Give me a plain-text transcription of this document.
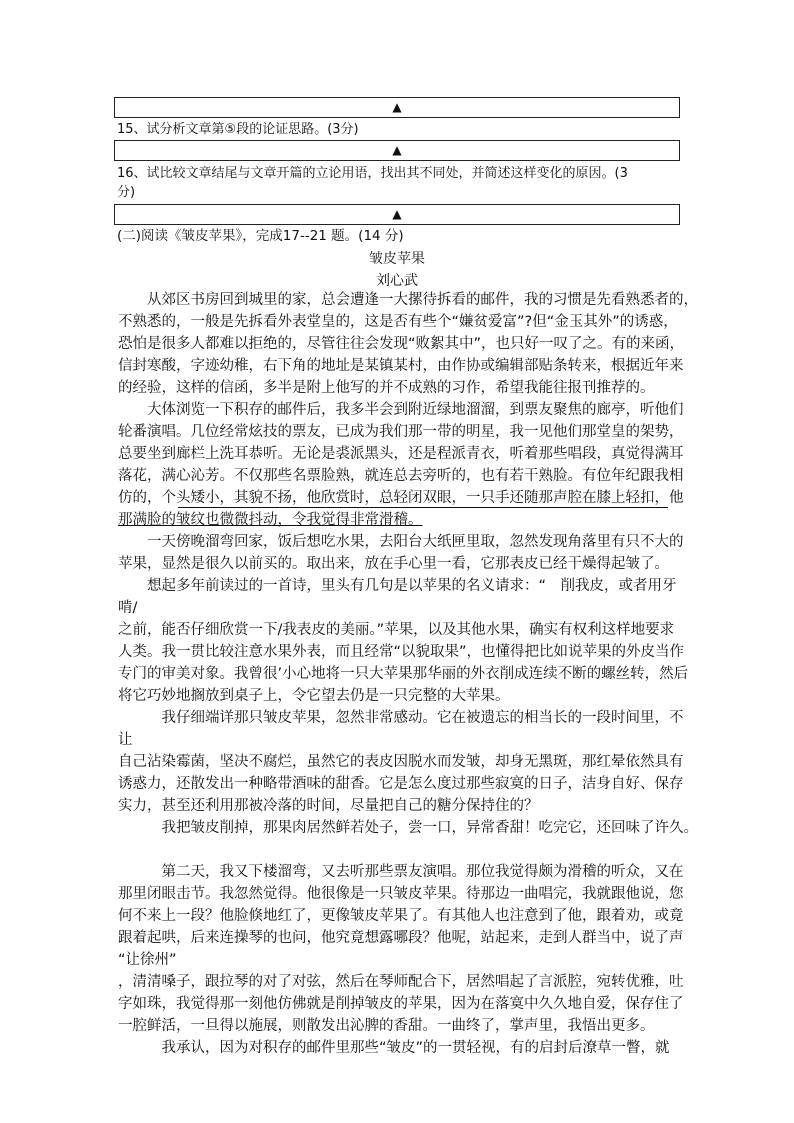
▲
15、试分析文章第⑤段的论证思路。(3分)
▲
16、试比较文章结尾与文章开篇的立论用语，找出其不同处，并简述这样变化的原因。(3
分)
▲
(二)阅读《皱皮苹果》，完成17--21 题。(14 分)
皱皮苹果
刘心武
　　从郊区书房回到城里的家，总会遭逢一大摞待拆看的邮件，我的习惯是先看熟悉者的，
不熟悉的，一般是先拆看外表堂皇的，这是否有些个“嫌贫爱富”?但“金玉其外”的诱惑，
恐怕是很多人都难以拒绝的，尽管往往会发现“败絮其中”，也只好一叹了之。有的来函，
信封寒酸，字迹幼稚，右下角的地址是某镇某村，由作协或编辑部贴条转来，根据近年来
的经验，这样的信函，多半是附上他写的并不成熟的习作，希望我能往报刊推荐的。
　　大体浏览一下积存的邮件后，我多半会到附近绿地溜溜，到票友聚焦的廊亭，听他们
轮番演唱。几位经常炫技的票友，已成为我们那一带的明星，我一见他们那堂皇的架势，
总要坐到廊栏上洗耳恭听。无论是裘派黑头，还是程派青衣，听着那些唱段，真觉得满耳
落花，满心沁芳。不仅那些名票脸熟，就连总去旁听的，也有若干熟脸。有位年纪跟我相
仿的，个头矮小，其貌不扬，他欣赏时，总轻闭双眼，一只手还随那声腔在膝上轻扣，他
那满脸的皱纹也微微抖动，令我觉得非常滑稽。
　　一天傍晚溜弯回家，饭后想吃水果，去阳台大纸匣里取，忽然发现角落里有只不大的
苹果，显然是很久以前买的。取出来，放在手心里一看，它那表皮已经干燥得起皱了。
　　想起多年前读过的一首诗，里头有几句是以苹果的名义请求：“　削我皮，或者用牙
啃/
之前，能否仔细欣赏一下/我表皮的美丽。”苹果，以及其他水果，确实有权利这样地要求
人类。我一贯比较注意水果外表，而且经常“以貌取果”，也懂得把比如说苹果的外皮当作
专门的审美对象。我曾很’小心地将一只大苹果那华丽的外衣削成连续不断的螺丝转，然后
将它巧妙地搁放到桌子上，令它望去仍是一只完整的大苹果。
　　　我仔细端详那只皱皮苹果，忽然非常感动。它在被遗忘的相当长的一段时间里，不
让
自己沾染霉菌，坚决不腐烂，虽然它的表皮因脱水而发皱，却身无黑斑，那红晕依然具有
诱惑力，还散发出一种略带酒味的甜香。它是怎么度过那些寂寞的日子，洁身自好、保存
实力，甚至还利用那被冷落的时间，尽量把自己的糖分保持住的？
　　　我把皱皮削掉，那果肉居然鲜若处子，尝一口，异常香甜！吃完它，还回味了许久。
　　　第二天，我又下楼溜弯，又去听那些票友演唱。那位我觉得颇为滑稽的听众，又在
那里闭眼击节。我忽然觉得。他很像是一只皱皮苹果。待那边一曲唱完，我就跟他说，您
何不来上一段？他脸倏地红了，更像皱皮苹果了。有其他人也注意到了他，跟着劝，或竟
跟着起哄，后来连操琴的也问，他究竟想露哪段？他呢，站起来，走到人群当中，说了声
“让徐州”
，清清嗓子，跟拉琴的对了对弦，然后在琴师配合下，居然唱起了言派腔，宛转优雅，吐
字如珠，我觉得那一刻他仿佛就是削掉皱皮的苹果，因为在落寞中久久地自爱，保存住了
一腔鲜活，一旦得以施展，则散发出沁脾的香甜。一曲终了，掌声里，我悟出更多。
　　　我承认，因为对积存的邮件里那些“皱皮”的一贯轻视，有的启封后潦草一瞥，就
